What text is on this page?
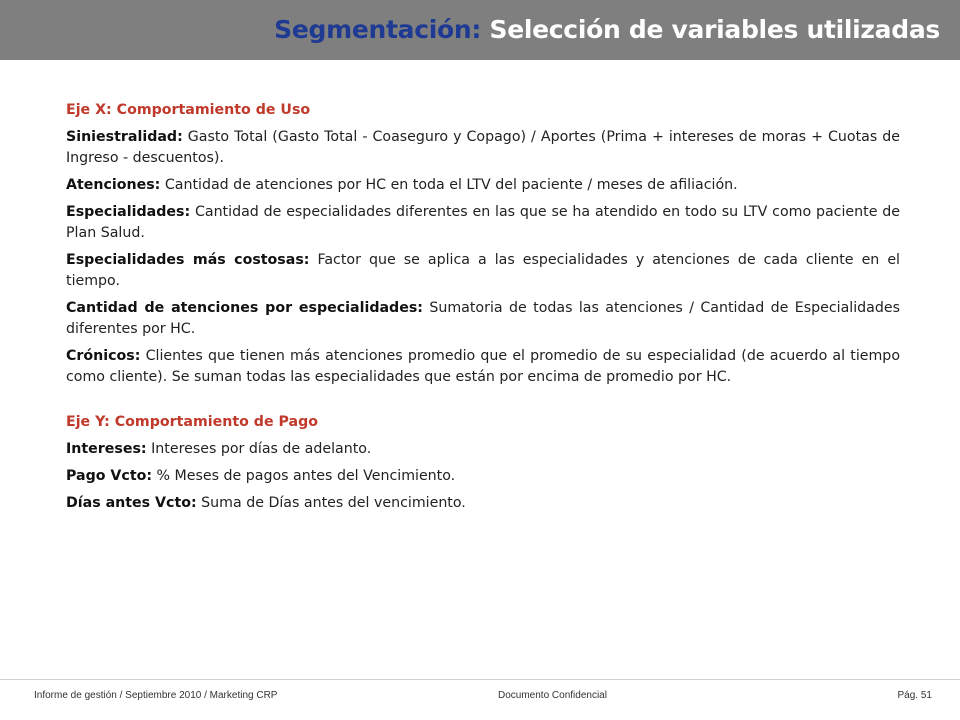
Segmentación: Selección de variables utilizadas
Eje X: Comportamiento de Uso

Siniestralidad: Gasto Total (Gasto Total - Coaseguro y Copago) / Aportes (Prima + intereses de moras + Cuotas de Ingreso - descuentos).

Atenciones: Cantidad de atenciones por HC en toda el LTV del paciente / meses de afiliación.

Especialidades: Cantidad de especialidades diferentes en las que se ha atendido en todo su LTV como paciente de Plan Salud.

Especialidades más costosas: Factor que se aplica a las especialidades y atenciones de cada cliente en el tiempo.

Cantidad de atenciones por especialidades: Sumatoria de todas las atenciones / Cantidad de Especialidades diferentes por HC.

Crónicos: Clientes que tienen más atenciones promedio que el promedio de su especialidad (de acuerdo al tiempo como cliente). Se suman todas las especialidades que están por encima de promedio por HC.

Eje Y: Comportamiento de Pago

Intereses: Intereses por días de adelanto.

Pago Vcto: % Meses de pagos antes del Vencimiento.

Días antes Vcto: Suma de Días antes del vencimiento.

Informe de gestión / Septiembre 2010 / Marketing CRP	Documento Confidencial	Pág. 51
